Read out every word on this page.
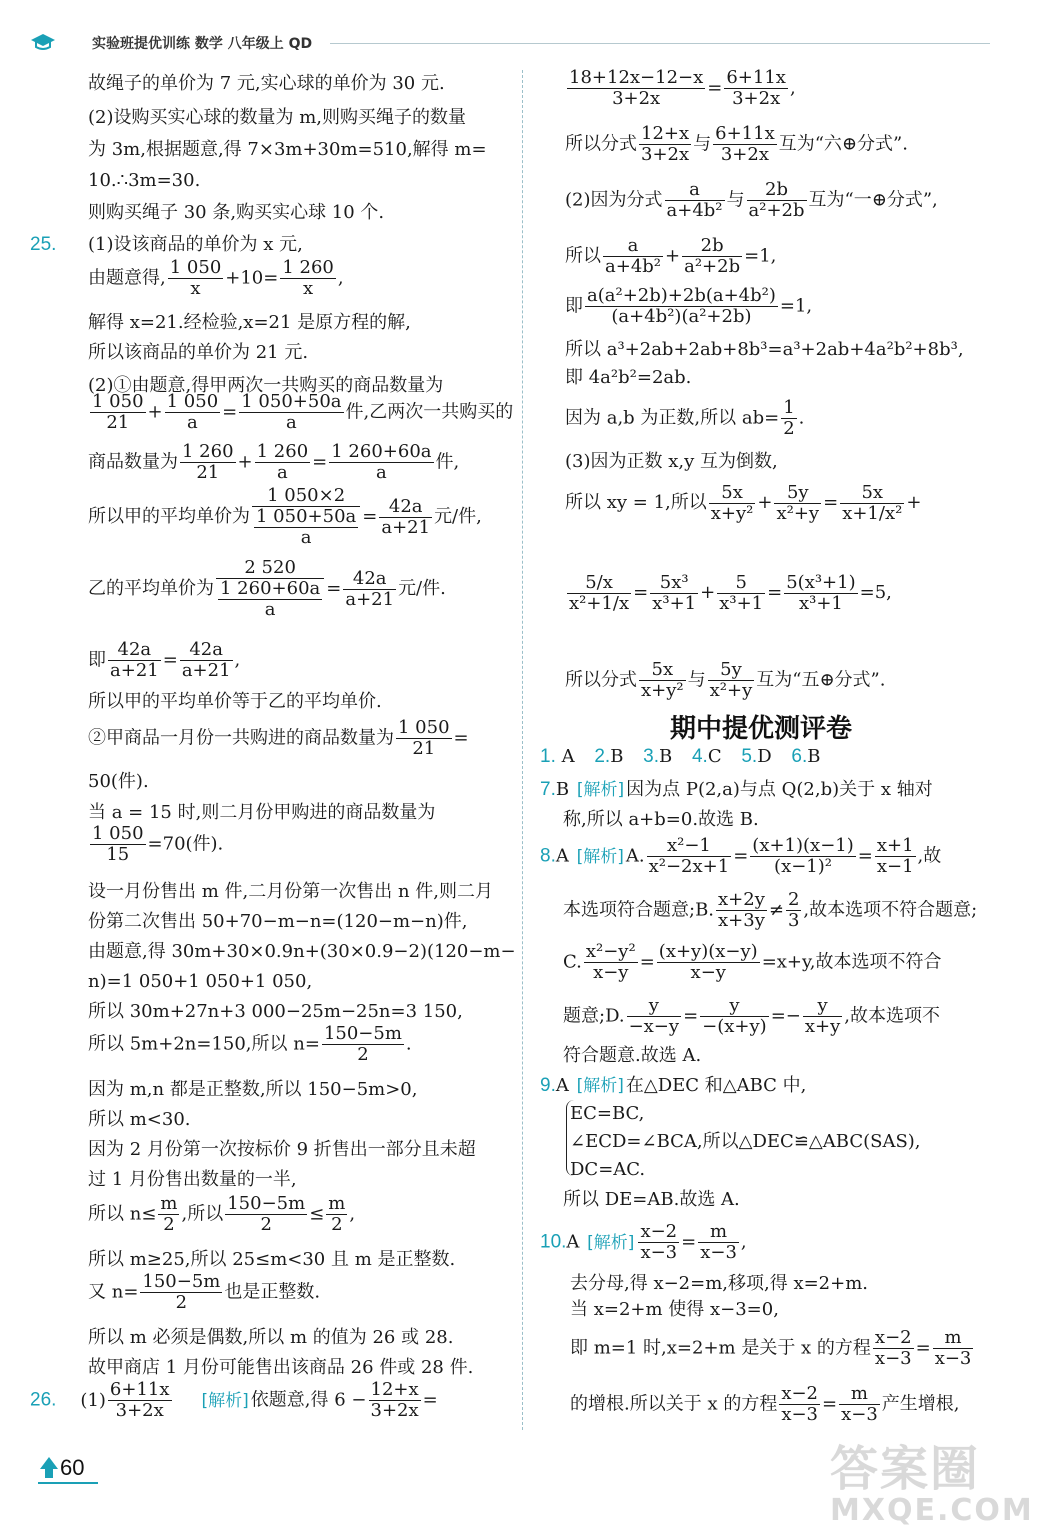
实验班提优训练 数学 八年级上 QD
故绳子的单价为 7 元,实心球的单价为 30 元.
(2)设购买实心球的数量为 m,则购买绳子的数量
为 3m,根据题意,得 7×3m+30m=510,解得 m=
10.∴3m=30.
则购买绳子 30 条,购买实心球 10 个.
25. (1)设该商品的单价为 x 元,
由题意得, $\frac{1 050}{x} +10= \frac{1 260}{x}$ ,
解得 x=21.经检验,x=21 是原方程的解,
所以该商品的单价为 21 元.
(2)①由题意,得甲两次一共购买的商品数量为
$\frac{1 050}{21} + \frac{1 050}{a} = \frac{1 050+50a}{a}$ 件,乙两次一共购买的
商品数量为 $\frac{1 260}{21} + \frac{1 260}{a} = \frac{1 260+60a}{a}$ 件,
所以甲的平均单价为 $\frac{1 050\times 2}{\frac{1 050+50a}{a}} = \frac{42a}{a+21}$ 元/件,
乙的平均单价为 $\frac{2 520}{\frac{1 260+60a}{a}} = \frac{42a}{a+21}$ 元/件.
即 $\frac{42a}{a+21} = \frac{42a}{a+21}$ ,
所以甲的平均单价等于乙的平均单价.
②甲商品一月份一共购进的商品数量为 $\frac{1 050}{21}$ =
50(件).
当 a = 15 时,则二月份甲购进的商品数量为
$\frac{1 050}{15} =70$(件).
设一月份售出 m 件,二月份第一次售出 n 件,则二月
份第二次售出 50+70−m−n=(120−m−n)件,
由题意,得 30m+30×0.9n+(30×0.9−2)(120−m−
n)=1 050+1 050+1 050,
所以 30m+27n+3 000−25m−25n=3 150,
所以 5m+2n=150,所以 $n= \frac{150-5m}{2}$ .
因为 m,n 都是正整数,所以 150−5m>0,
所以 m<30.
因为 2 月份第一次按标价 9 折售出一部分且未超
过 1 月份售出数量的一半,
所以 $n\le \frac{m}{2}$ ,所以 $\frac{150-5m}{2} \le \frac{m}{2}$ ,
所以 m≥25,所以 25≤m<30 且 m 是正整数.
又 $n= \frac{150-5m}{2}$ 也是正整数.
所以 m 必须是偶数,所以 m 的值为 26 或 28.
故甲商店 1 月份可能售出该商品 26 件或 28 件.
26. $(1) \frac{6+11x}{3+2x}$ [ 解析 ] 依题意,得 $6 - \frac{12+x}{3+2x}$ =
$\frac{18+12x-12-x}{3+2x} = \frac{6+11x}{3+2x}$ ,
所以分式 $\frac{12+x}{3+2x}$ 与 $\frac{6+11x}{3+2x}$ 互为“六⊕分式”.
(2)因为分式 $\frac{a}{\text{a+4b²}}$ 与 $\frac{2b}{\text{a²+2b}}$ 互为“一⊕分式”,
所以 $\frac{a}{\text{a+4b²}} + \frac{2b}{\text{a²+2b}} =1$,
即 $\frac{\text{a(a²+2b)+2b(a+4b²)}}{\text{(a+4b²)(a²+2b)}} =1$,
所以 a³+2ab+2ab+8b³=a³+2ab+4a²b²+8b³,
即 4a²b²=2ab.
因为 a,b 为正数,所以 $ab= \frac{1}{2}$ .
(3)因为正数 x,y 互为倒数,
所以 xy = 1,所以 $\frac{5x}{\text{x+y²}} + \frac{5y}{\text{x²+y}} = \frac{5x}{\text{x+1/x²}}$ +
$\frac{5/x}{\text{x²+1/x}} = \frac{\text{5x³}}{\text{x³+1}} + \frac{5}{\text{x³+1}} = \frac{\text{5(x³+1)}}{\text{x³+1}} =5$,
所以分式 $\frac{5x}{\text{x+y²}}$ 与 $\frac{5y}{\text{x²+y}}$ 互为“五⊕分式”.
期中提优测评卷
1. A 2.B 3.B 4.C 5.D 6.B
7.B [ 解析 ] 因为点 P(2,a)与点 Q(2,b)关于 x 轴对
称,所以 a+b=0.故选 B.
8.A [ 解析 ] A. $\frac{\text{x²−1}}{\text{x²−2x+1}} = \frac{(x+1)(x-1)}{\text{(x−1)²}} = \frac{x+1}{x-1}$ ,故
本选项符合题意;B. $\frac{x+2y}{x+3y} \ne \frac{2}{3}$ ,故本选项不符合题意;
C. $\frac{\text{x²−y²}}{x-y} = \frac{(x+y)(x-y)}{x-y} =x+y$,故本选项不符合
题意;D. $\frac{y}{-x-y} = \frac{y}{-(x+y)} =- \frac{y}{x+y}$ ,故本选项不
符合题意.故选 A.
9.A [ 解析 ] 在△DEC 和△ABC 中,
EC=BC,
∠ECD=∠BCA,所以△DEC≌△ABC(SAS),
DC=AC.
所以 DE=AB.故选 A.
10.A [ 解析 ] $\frac{x-2}{x-3} = \frac{m}{x-3}$ ,
去分母,得 x−2=m,移项,得 x=2+m.
当 x=2+m 使得 x−3=0,
即 m=1 时,x=2+m 是关于 x 的方程 $\frac{x-2}{x-3} = \frac{m}{x-3}$
的增根.所以关于 x 的方程 $\frac{x-2}{x-3} = \frac{m}{x-3}$ 产生增根,
60	答案圈
MXQE.COM
